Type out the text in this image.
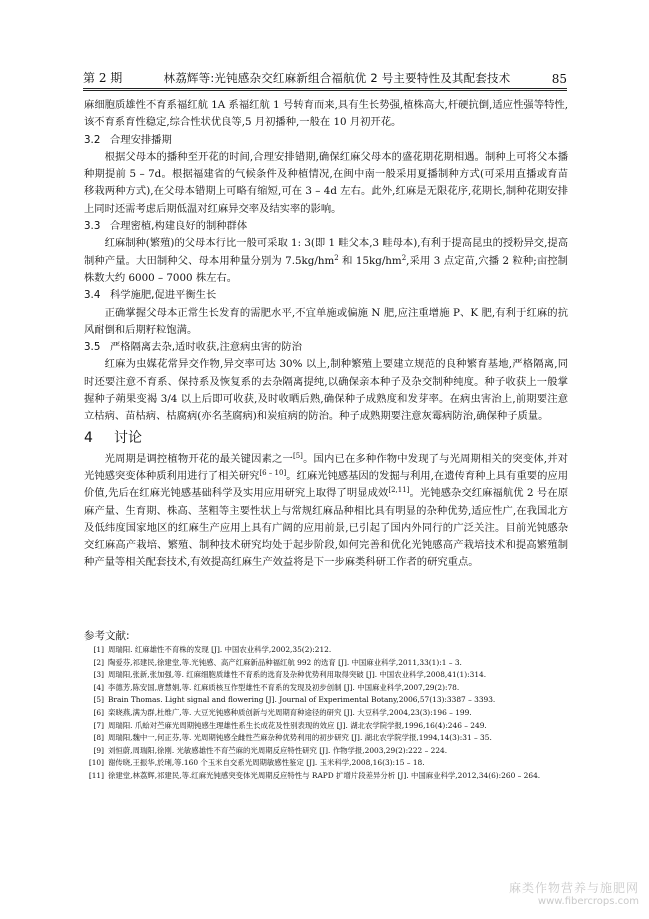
第 2 期	林荔辉等:光钝感杂交红麻新组合福航优 2 号主要特性及其配套技术	85

麻细胞质雄性不育系福红航 1A 系福红航 1 号转育而来,具有生长势强,植株高大,杆硬抗倒,适应性强等特性,该不育系育性稳定,综合性状优良等,5 月初播种,一般在 10 月初开花。

3.2 合理安排播期

根据父母本的播种至开花的时间,合理安排错期,确保红麻父母本的盛花期花期相遇。制种上可将父本播种期提前 5 – 7d。根据福建省的气候条件及种植情况,在闽中南一般采用夏播制种方式(可采用直播或育苗移栽两种方式),在父母本错期上可略有缩短,可在 3 – 4d 左右。此外,红麻是无限花序,花期长,制种花期安排上同时还需考虑后期低温对红麻异交率及结实率的影响。

3.3 合理密植,构建良好的制种群体

红麻制种(繁殖)的父母本行比一般可采取 1: 3(即 1 畦父本,3 畦母本),有利于提高昆虫的授粉异交,提高制种产量。大田制种父、母本用种量分别为 $7.5kg/hm^2$ 和 $15kg/hm^2$,采用 3 点定苗,穴播 2 粒种;亩控制株数大约 6000 – 7000 株左右。

3.4 科学施肥,促进平衡生长

正确掌握父母本正常生长发育的需肥水平,不宜单施或偏施 N 肥,应注重增施 P、K 肥,有利于红麻的抗风耐倒和后期籽粒饱满。

3.5 严格隔离去杂,适时收获,注意病虫害的防治

红麻为虫媒花常异交作物,异交率可达 30% 以上,制种繁殖上要建立规范的良种繁育基地,严格隔离,同时还要注意不育系、保持系及恢复系的去杂隔离提纯,以确保亲本种子及杂交制种纯度。种子收获上一般掌握种子蒴果变褐 3/4 以上后即可收获,及时收晒后熟,确保种子成熟度和发芽率。在病虫害治上,前期要注意立枯病、苗枯病、枯腐病(亦名茎腐病)和炭疽病的防治。种子成熟期要注意灰霉病防治,确保种子质量。

4 讨论

光周期是调控植物开花的最关键因素之一[5]。国内已在多种作物中发现了与光周期相关的突变体,并对光钝感突变体种质利用进行了相关研究[6 – 10]。红麻光钝感基因的发掘与利用,在遗传育种上具有重要的应用价值,先后在红麻光钝感基础科学及实用应用研究上取得了明显成效[2,11]。光钝感杂交红麻福航优 2 号在原麻产量、生育期、株高、茎粗等主要性状上与常规红麻品种相比具有明显的杂种优势,适应性广,在我国北方及低纬度国家地区的红麻生产应用上具有广阔的应用前景,已引起了国内外同行的广泛关注。目前光钝感杂交红麻高产栽培、繁殖、制种技术研究均处于起步阶段,如何完善和优化光钝感高产栽培技术和提高繁殖制种产量等相关配套技术,有效提高红麻生产效益将是下一步麻类科研工作者的研究重点。

参考文献:
[1] 周瑞阳. 红麻雄性不育株的发现 [J]. 中国农业科学,2002,35(2):212.
[2] 陶爱芬,祁建民,徐建堂,等.光钝感、高产红麻新品种福红航 992 的选育 [J]. 中国麻业科学,2011,33(1):1 – 3.
[3] 周瑞阳,张新,张加强,等. 红麻细胞质雄性不育系的选育及杂种优势利用取得突破 [J]. 中国农业科学,2008,41(1):314.
[4] 李德芳,陈安国,唐慧娟,等. 红麻质核互作型雄性不育系的发现及初步创制 [J]. 中国麻业科学,2007,29(2):78.
[5] Brain Thomas. Light signal and flowering [J]. Journal of Experimental Botany,2006,57(13):3387 – 3393.
[6] 栾晓燕,满为群,杜维广,等. 大豆光钝感种质创新与光周期育种途径的研究 [J]. 大豆科学,2004,23(3):196 – 199.
[7] 周瑞阳. 爪蛤对苎麻光周期钝感生理雄性系生长成花及性别表现的效应 [J]. 湖北农学院学报,1996,16(4):246 – 249.
[8] 周瑞阳,魏中一,何正芬,等. 光周期钝感全雌性苎麻杂种优势利用的初步研究 [J]. 湖北农学院学报,1994,14(3):31 – 35.
[9] 刘恒蔚,周瑞阳,徐刚. 光敏感雄性不育苎麻的光周期反应特性研究 [J]. 作物学报,2003,29(2):222 – 224.
[10] 谢传晓,王振华,於琍,等.160 个玉米自交系光周期敏感性鉴定 [J]. 玉米科学,2008,16(3):15 – 18.
[11] 徐建堂,林荔辉,祁建民,等.红麻光钝感突变体光周期反应特性与 RAPD 扩增片段差异分析 [J]. 中国麻业科学,2012,34(6):260 – 264.
麻类作物营养与施肥网
www.fibercrops.com
